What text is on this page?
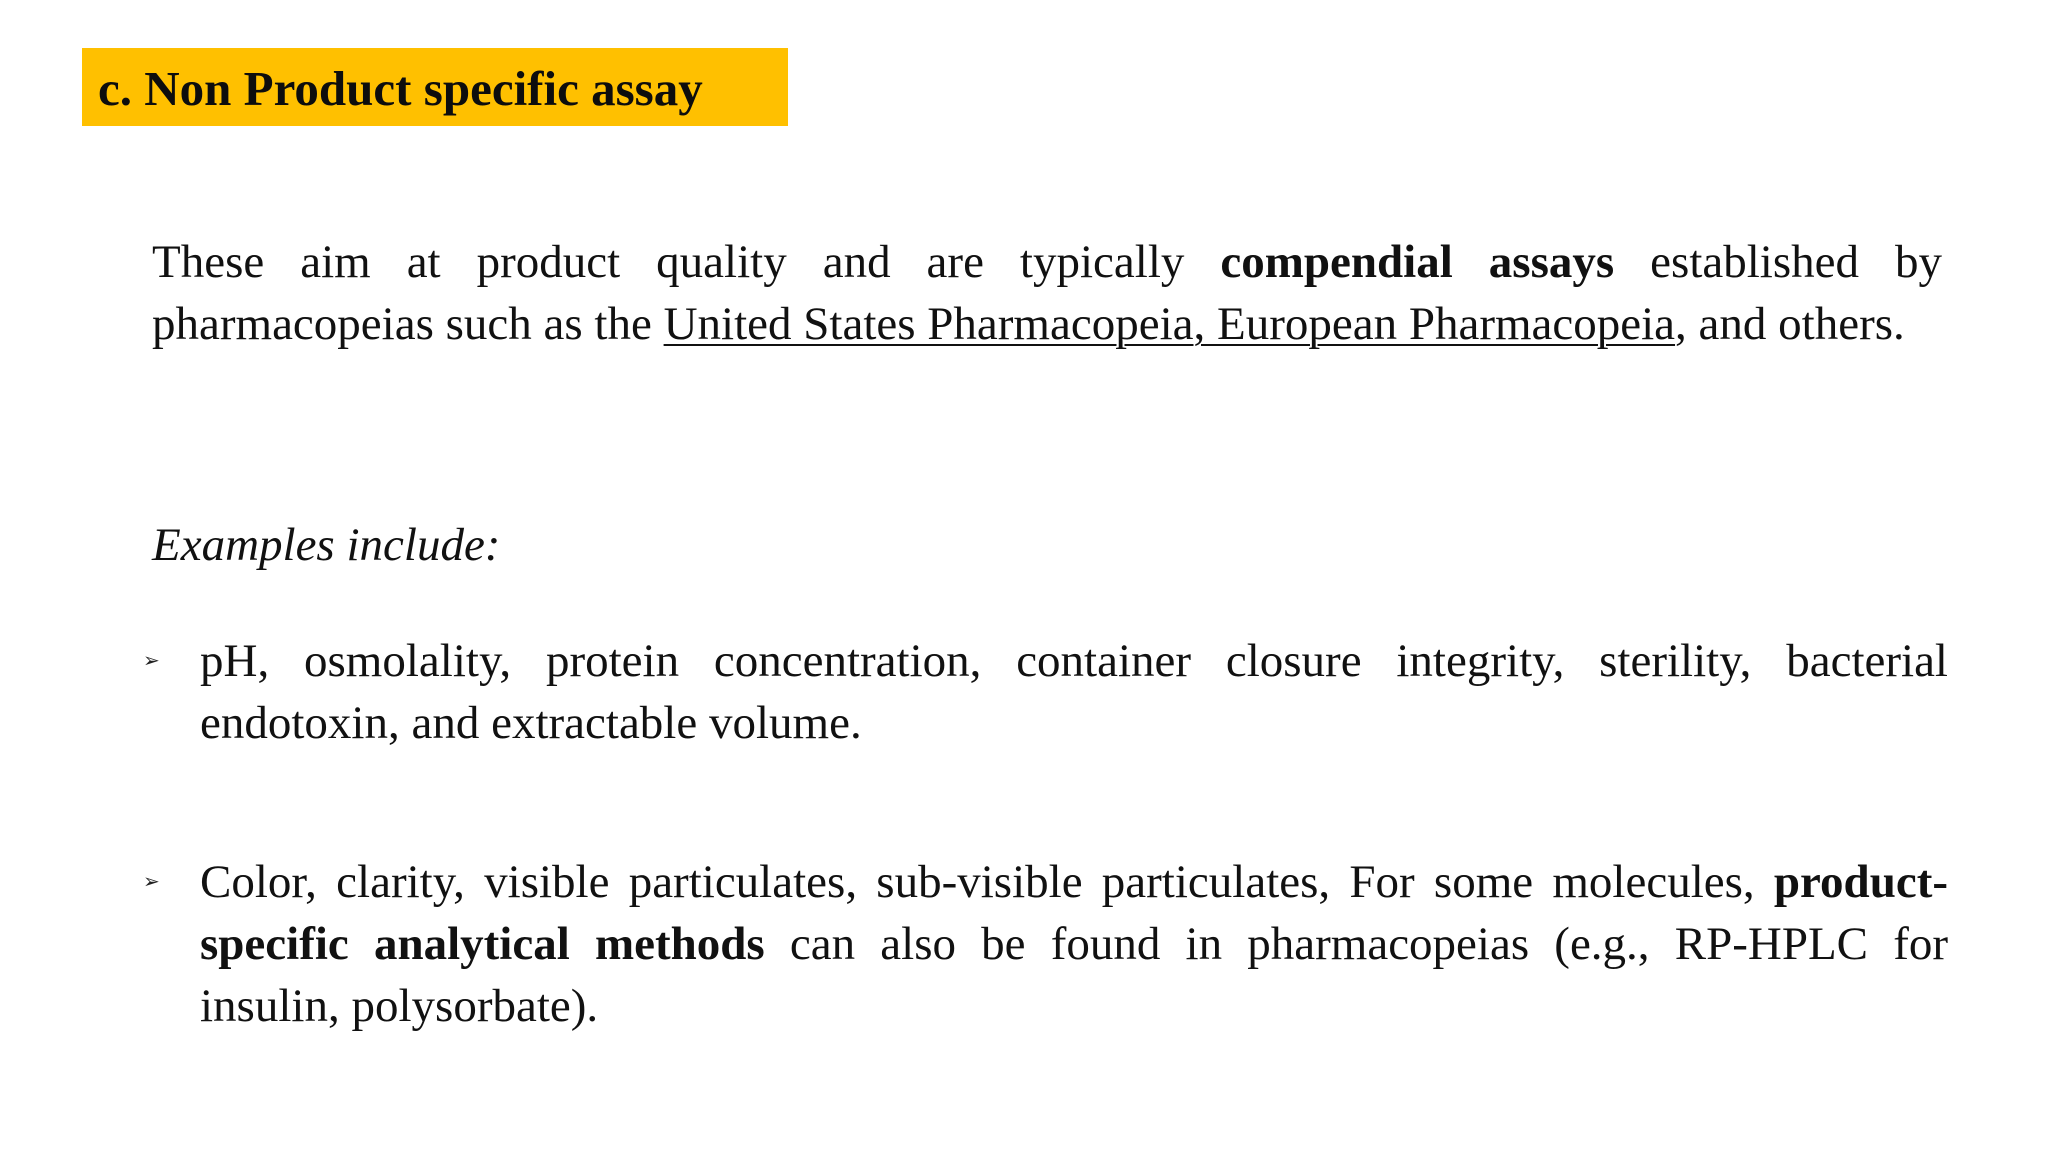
c. Non Product specific assay
These aim at product quality and are typically compendial assays established by pharmacopeias such as the United States Pharmacopeia, European Pharmacopeia, and others.
Examples include:
➢ pH, osmolality, protein concentration, container closure integrity, sterility, bacterial endotoxin, and extractable volume.
➢ Color, clarity, visible particulates, sub-visible particulates, For some molecules, product-specific analytical methods can also be found in pharmacopeias (e.g., RP-HPLC for insulin, polysorbate).
